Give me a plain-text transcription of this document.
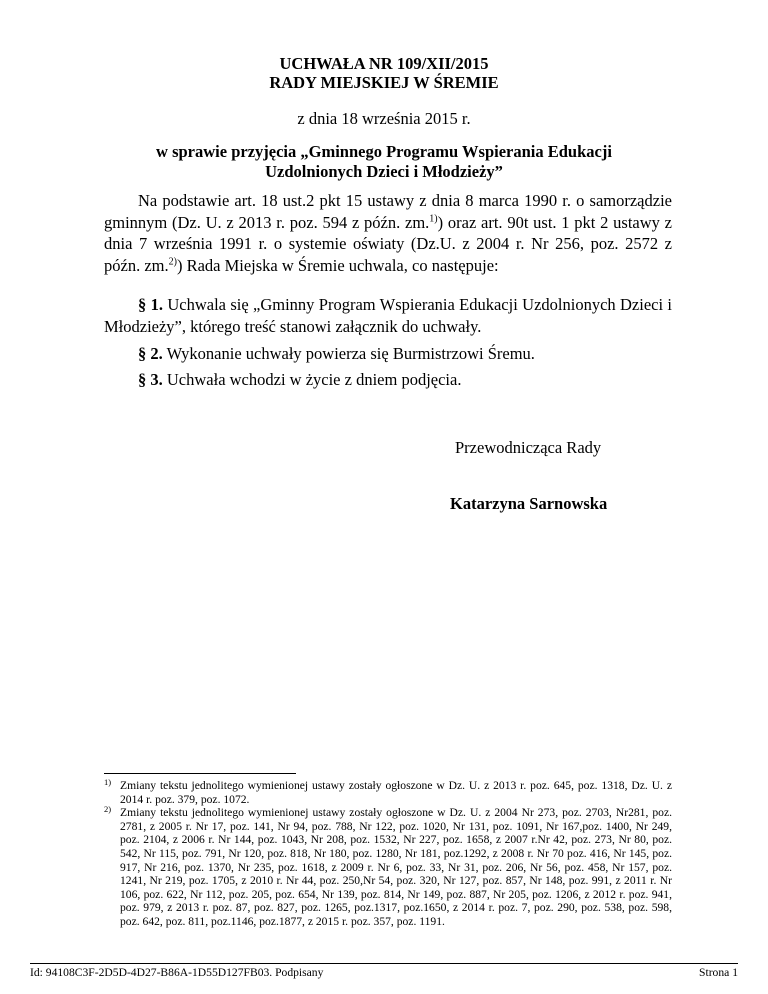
UCHWAŁA NR 109/XII/2015
RADY MIEJSKIEJ W ŚREMIE
z dnia 18 września 2015 r.
w sprawie przyjęcia „Gminnego Programu Wspierania Edukacji Uzdolnionych Dzieci i Młodzieży”

Na podstawie art. 18 ust.2 pkt 15 ustawy z dnia 8 marca 1990 r. o samorządzie gminnym (Dz. U. z 2013 r. poz. 594 z późn. zm.$^{1)}$) oraz art. 90t ust. 1 pkt 2 ustawy z dnia 7 września 1991 r. o systemie oświaty (Dz.U. z 2004 r. Nr 256, poz. 2572 z późn. zm.$^{2)}$) Rada Miejska w Śremie uchwala, co następuje:

§ 1. Uchwala się „Gminny Program Wspierania Edukacji Uzdolnionych Dzieci i Młodzieży”, którego treść stanowi załącznik do uchwały.

§ 2. Wykonanie uchwały powierza się Burmistrzowi Śremu.

§ 3. Uchwała wchodzi w życie z dniem podjęcia.

Przewodnicząca Rady
Katarzyna Sarnowska

1) Zmiany tekstu jednolitego wymienionej ustawy zostały ogłoszone w Dz. U. z 2013 r. poz. 645, poz. 1318, Dz. U. z 2014 r. poz. 379, poz. 1072.

2) Zmiany tekstu jednolitego wymienionej ustawy zostały ogłoszone w Dz. U. z 2004 Nr 273, poz. 2703, Nr281, poz. 2781, z 2005 r. Nr 17, poz. 141, Nr 94, poz. 788, Nr 122, poz. 1020, Nr 131, poz. 1091, Nr 167,poz. 1400, Nr 249, poz. 2104, z 2006 r. Nr 144, poz. 1043, Nr 208, poz. 1532, Nr 227, poz. 1658, z 2007 r.Nr 42, poz. 273, Nr 80, poz. 542, Nr 115, poz. 791, Nr 120, poz. 818, Nr 180, poz. 1280, Nr 181, poz.1292, z 2008 r. Nr 70 poz. 416, Nr 145, poz. 917, Nr 216, poz. 1370, Nr 235, poz. 1618, z 2009 r. Nr 6, poz. 33, Nr 31, poz. 206, Nr 56, poz. 458, Nr 157, poz. 1241, Nr 219, poz. 1705, z 2010 r. Nr 44, poz. 250,Nr 54, poz. 320, Nr 127, poz. 857, Nr 148, poz. 991, z 2011 r. Nr 106, poz. 622, Nr 112, poz. 205, poz. 654, Nr 139, poz. 814, Nr 149, poz. 887, Nr 205, poz. 1206, z 2012 r. poz. 941, poz. 979, z 2013 r. poz. 87, poz. 827, poz. 1265, poz.1317, poz.1650, z 2014 r. poz. 7, poz. 290, poz. 538, poz. 598, poz. 642, poz. 811, poz.1146, poz.1877, z 2015 r. poz. 357, poz. 1191.

Id: 94108C3F-2D5D-4D27-B86A-1D55D127FB03. Podpisany	Strona 1
